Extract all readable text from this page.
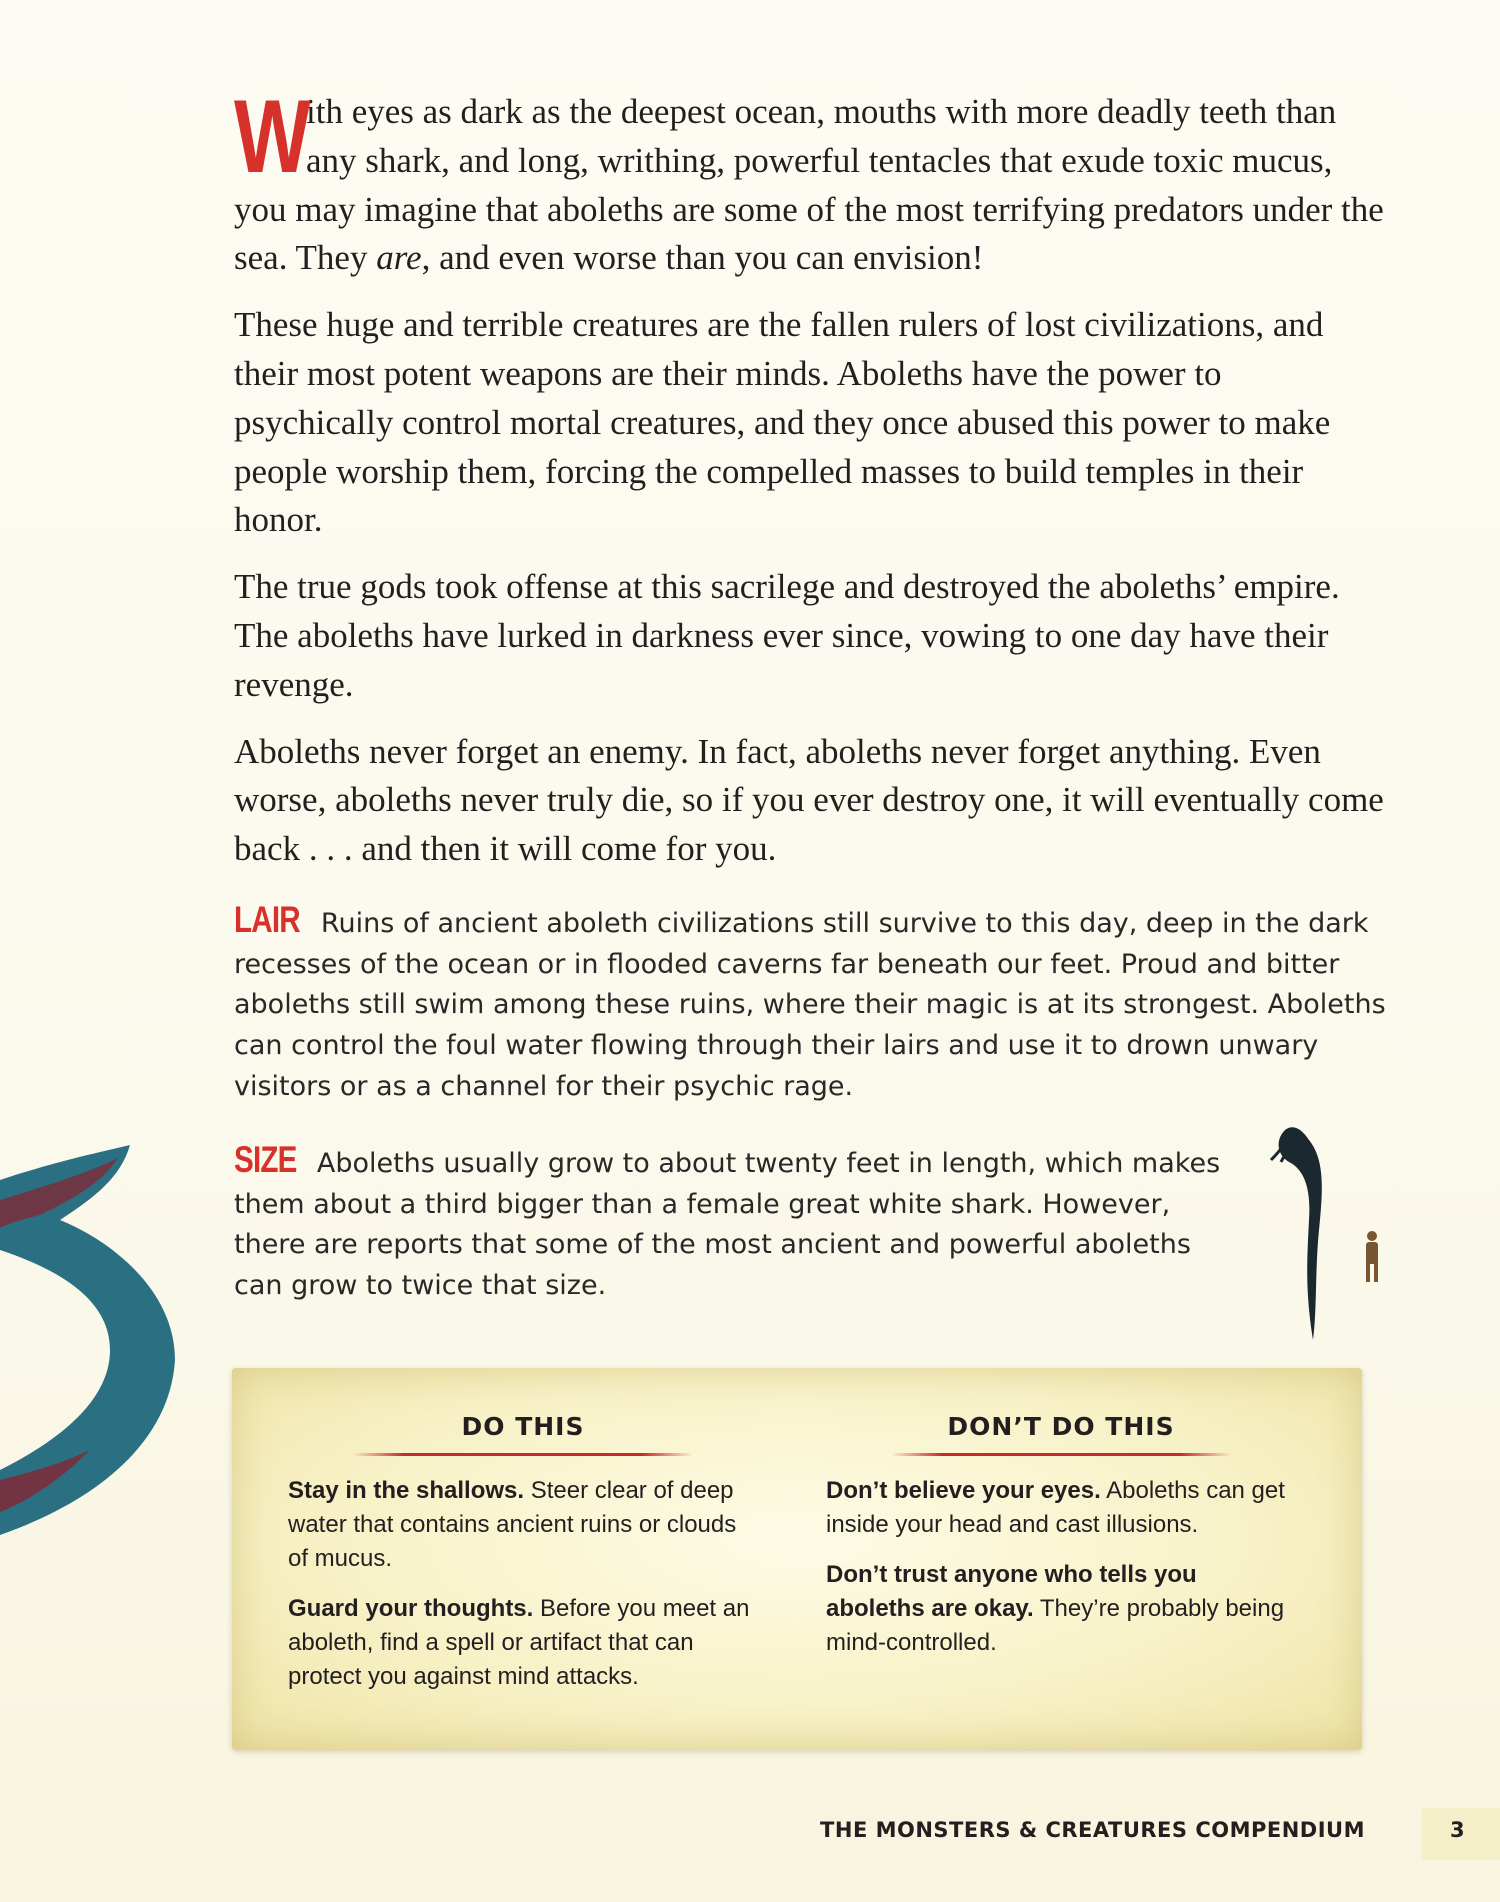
W
ith eyes as dark as the deepest ocean, mouths with more deadly teeth than any shark, and long, writhing, powerful tentacles that exude toxic mucus, you may imagine that aboleths are some of the most terrifying predators under the sea. They are, and even worse than you can envision!

These huge and terrible creatures are the fallen rulers of lost civilizations, and their most potent weapons are their minds. Aboleths have the power to psychically control mortal creatures, and they once abused this power to make people worship them, forcing the compelled masses to build temples in their honor.

The true gods took offense at this sacrilege and destroyed the aboleths’ empire. The aboleths have lurked in darkness ever since, vowing to one day have their revenge.

Aboleths never forget an enemy. In fact, aboleths never forget anything. Even worse, aboleths never truly die, so if you ever destroy one, it will eventually come back . . . and then it will come for you.

LAIR Ruins of ancient aboleth civilizations still survive to this day, deep in the dark recesses of the ocean or in flooded caverns far beneath our feet. Proud and bitter aboleths still swim among these ruins, where their magic is at its strongest. Aboleths can control the foul water flowing through their lairs and use it to drown unwary visitors or as a channel for their psychic rage.
SIZE Aboleths usually grow to about twenty feet in length, which makes them about a third bigger than a female great white shark. However, there are reports that some of the most ancient and powerful aboleths can grow to twice that size.
DO THIS

Stay in the shallows. Steer clear of deep water that contains ancient ruins or clouds of mucus.

Guard your thoughts. Before you meet an aboleth, find a spell or artifact that can protect you against mind attacks.

DON’T DO THIS

Don’t believe your eyes. Aboleths can get inside your head and cast illusions.

Don’t trust anyone who tells you aboleths are okay. They’re probably being mind-controlled.

THE MONSTERS & CREATURES COMPENDIUM	3
